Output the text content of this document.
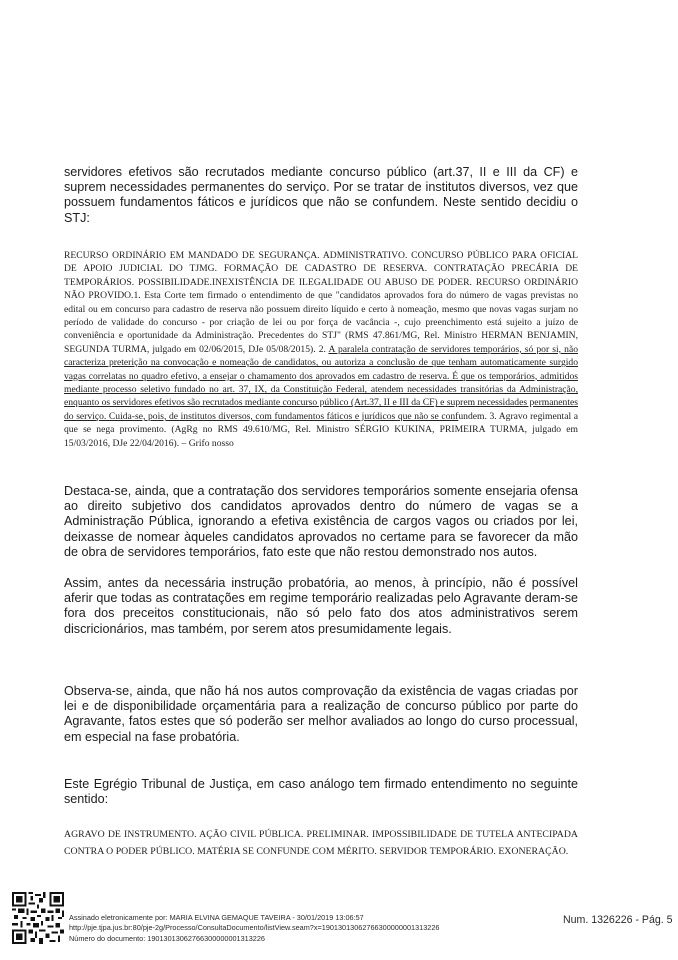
servidores efetivos são recrutados mediante concurso público (art.37, II e III da CF) e suprem necessidades permanentes do serviço. Por se tratar de institutos diversos, vez que possuem fundamentos fáticos e jurídicos que não se confundem. Neste sentido decidiu o STJ:

RECURSO ORDINÁRIO EM MANDADO DE SEGURANÇA. ADMINISTRATIVO. CONCURSO PÚBLICO PARA OFICIAL DE APOIO JUDICIAL DO TJMG. FORMAÇÃO DE CADASTRO DE RESERVA. CONTRATAÇÃO PRECÁRIA DE TEMPORÁRIOS. POSSIBILIDADE.INEXISTÊNCIA DE ILEGALIDADE OU ABUSO DE PODER. RECURSO ORDINÁRIO NÃO PROVIDO.1. Esta Corte tem firmado o entendimento de que "candidatos aprovados fora do número de vagas previstas no edital ou em concurso para cadastro de reserva não possuem direito líquido e certo à nomeação, mesmo que novas vagas surjam no período de validade do concurso - por criação de lei ou por força de vacância -, cujo preenchimento está sujeito a juízo de conveniência e oportunidade da Administração. Precedentes do STJ" (RMS 47.861/MG, Rel. Ministro HERMAN BENJAMIN, SEGUNDA TURMA, julgado em 02/06/2015, DJe 05/08/2015). 2. A paralela contratação de servidores temporários, só por si, não caracteriza preterição na convocação e nomeação de candidatos, ou autoriza a conclusão de que tenham automaticamente surgido vagas correlatas no quadro efetivo, a ensejar o chamamento dos aprovados em cadastro de reserva. É que os temporários, admitidos mediante processo seletivo fundado no art. 37, IX, da Constituição Federal, atendem necessidades transitórias da Administração, enquanto os servidores efetivos são recrutados mediante concurso público (Art.37, II e III da CF) e suprem necessidades permanentes do serviço. Cuida-se, pois, de institutos diversos, com fundamentos fáticos e jurídicos que não se confundem. 3. Agravo regimental a que se nega provimento. (AgRg no RMS 49.610/MG, Rel. Ministro SÉRGIO KUKINA, PRIMEIRA TURMA, julgado em 15/03/2016, DJe 22/04/2016). – Grifo nosso

Destaca-se, ainda, que a contratação dos servidores temporários somente ensejaria ofensa ao direito subjetivo dos candidatos aprovados dentro do número de vagas se a Administração Pública, ignorando a efetiva existência de cargos vagos ou criados por lei, deixasse de nomear àqueles candidatos aprovados no certame para se favorecer da mão de obra de servidores temporários, fato este que não restou demonstrado nos autos.

Assim, antes da necessária instrução probatória, ao menos, à princípio, não é possível aferir que todas as contratações em regime temporário realizadas pelo Agravante deram-se fora dos preceitos constitucionais, não só pelo fato dos atos administrativos serem discricionários, mas também, por serem atos presumidamente legais.

Observa-se, ainda, que não há nos autos comprovação da existência de vagas criadas por lei e de disponibilidade orçamentária para a realização de concurso público por parte do Agravante, fatos estes que só poderão ser melhor avaliados ao longo do curso processual, em especial na fase probatória.

Este Egrégio Tribunal de Justiça, em caso análogo tem firmado entendimento no seguinte sentido:

AGRAVO DE INSTRUMENTO. AÇÃO CIVIL PÚBLICA. PRELIMINAR. IMPOSSIBILIDADE DE TUTELA ANTECIPADA CONTRA O PODER PÚBLICO. MATÉRIA SE CONFUNDE COM MÉRITO. SERVIDOR TEMPORÁRIO. EXONERAÇÃO.

Assinado eletronicamente por: MARIA ELVINA GEMAQUE TAVEIRA - 30/01/2019 13:06:57
http://pje.tjpa.jus.br:80/pje-2g/Processo/ConsultaDocumento/listView.seam?x=19013013062766300000001313226
Número do documento: 19013013062766300000001313226
Num. 1326226 - Pág. 5
